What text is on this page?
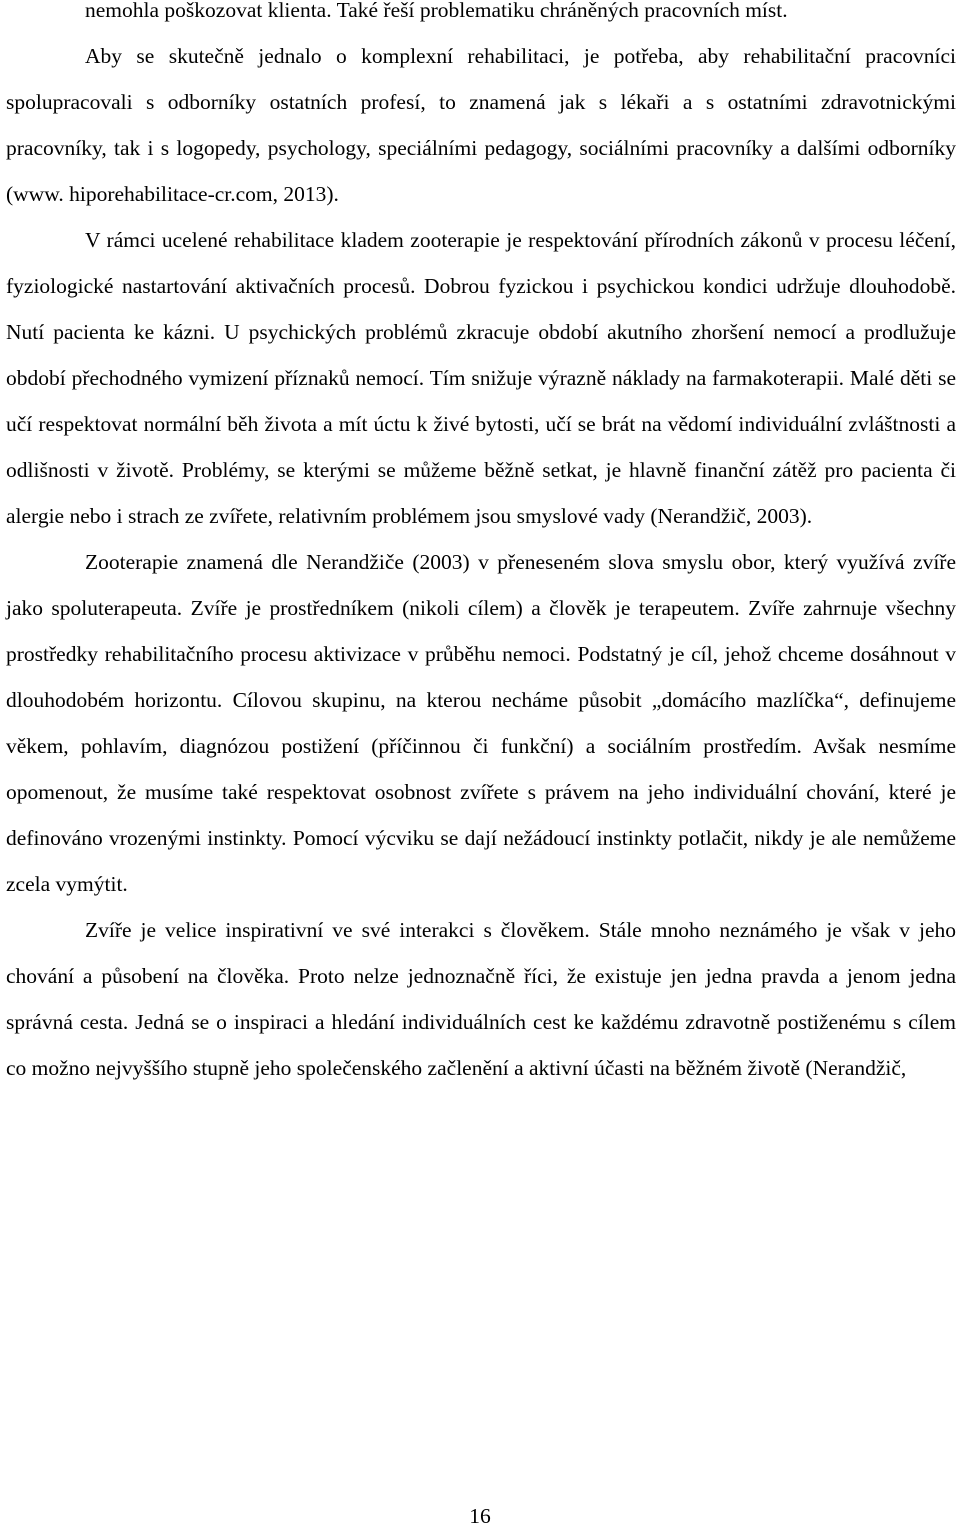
nemohla poškozovat klienta. Také řeší problematiku chráněných pracovních míst.

Aby se skutečně jednalo o komplexní rehabilitaci, je potřeba, aby rehabilitační pracovníci spolupracovali s odborníky ostatních profesí, to znamená jak s lékaři a s ostatními zdravotnickými pracovníky, tak i s logopedy, psychology, speciálními pedagogy, sociálními pracovníky a dalšími odborníky (www. hiporehabilitace-cr.com, 2013).

V rámci ucelené rehabilitace kladem zooterapie je respektování přírodních zákonů v procesu léčení, fyziologické nastartování aktivačních procesů. Dobrou fyzickou i psychickou kondici udržuje dlouhodobě. Nutí pacienta ke kázni. U psychických problémů zkracuje období akutního zhoršení nemocí a prodlužuje období přechodného vymizení příznaků nemocí. Tím snižuje výrazně náklady na farmakoterapii. Malé děti se učí respektovat normální běh života a mít úctu k živé bytosti, učí se brát na vědomí individuální zvláštnosti a odlišnosti v životě. Problémy, se kterými se můžeme běžně setkat, je hlavně finanční zátěž pro pacienta či alergie nebo i strach ze zvířete, relativním problémem jsou smyslové vady (Nerandžič, 2003).

Zooterapie znamená dle Nerandžiče (2003) v přeneseném slova smyslu obor, který využívá zvíře jako spoluterapeuta. Zvíře je prostředníkem (nikoli cílem) a člověk je terapeutem. Zvíře zahrnuje všechny prostředky rehabilitačního procesu aktivizace v průběhu nemoci. Podstatný je cíl, jehož chceme dosáhnout v dlouhodobém horizontu. Cílovou skupinu, na kterou necháme působit „domácího mazlíčka“, definujeme věkem, pohlavím, diagnózou postižení (příčinnou či funkční) a sociálním prostředím. Avšak nesmíme opomenout, že musíme také respektovat osobnost zvířete s právem na jeho individuální chování, které je definováno vrozenými instinkty. Pomocí výcviku se dají nežádoucí instinkty potlačit, nikdy je ale nemůžeme zcela vymýtit.

Zvíře je velice inspirativní ve své interakci s člověkem. Stále mnoho neznámého je však v jeho chování a působení na člověka. Proto nelze jednoznačně říci, že existuje jen jedna pravda a jenom jedna správná cesta. Jedná se o inspiraci a hledání individuálních cest ke každému zdravotně postiženému s cílem co možno nejvyššího stupně jeho společenského začlenění a aktivní účasti na běžném životě (Nerandžič,

16
